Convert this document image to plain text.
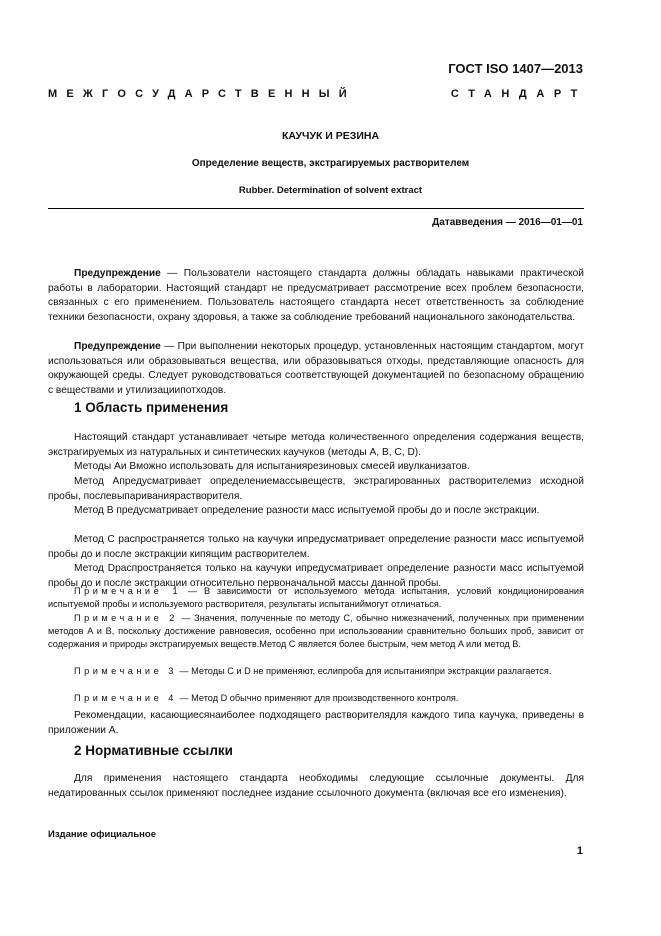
ГОСТ ISO 1407—2013
МЕЖГОСУДАРСТВЕННЫЙ	СТАНДАРТ
КАУЧУК И РЕЗИНА
Определение веществ, экстрагируемых растворителем
Rubber. Determination of solvent extract
Датавведения — 2016—01—01
Предупреждение — Пользователи настоящего стандарта должны обладать навыками практической работы в лаборатории. Настоящий стандарт не предусматривает рассмотрение всех проблем безопасности, связанных с его применением. Пользователь настоящего стандарта несет ответственность за соблюдение техники безопасности, охрану здоровья, а также за соблюдение требований национального законодательства.
Предупреждение — При выполнении некоторых процедур, установленных настоящим стандартом, могут использоваться или образовываться вещества, или образовываться отходы, представляющие опасность для окружающей среды. Следует руководствоваться соответствующей документацией по безопасному обращению с веществами и утилизациипотходов.
1 Область применения

Настоящий стандарт устанавливает четыре метода количественного определения содержания веществ, экстрагируемых из натуральных и синтетических каучуков (методы A, B, C, D).

Методы Aи Bможно использовать для испытаниярезиновых смесей ивулканизатов.

Метод Aпредусматривает определениемассывеществ, экстрагированных растворителемиз исходной пробы, послевыпариваниярастворителя.

Метод B предусматривает определение разности масс испытуемой пробы до и после экстракции.

Метод C распространяется только на каучуки ипредусматривает определение разности масс испытуемой пробы до и после экстракции кипящим растворителем.

Метод Dраспространяется только на каучуки ипредусматривает определение разности масс испытуемой пробы до и после экстракции относительно первоначальной массы данной пробы.

Примечание 1 — В зависимости от используемого метода испытания, условий кондиционирования испытуемой пробы и используемого растворителя, результаты испытаниймогут отличаться.
Примечание 2 — Значения, полученные по методу C, обычно нижезначений, полученных при применении методов A и B, поскольку достижение равновесия, особенно при использовании сравнительно больших проб, зависит от содержания и природы экстрагируемых веществ.Метод C является более быстрым, чем метод A или метод B.
Примечание 3 — Методы C и D не применяют, еслипроба для испытанияпри экстракции разлагается.
Примечание 4 — Метод D обычно применяют для производственного контроля.

Рекомендации, касающиесянаиболее подходящего растворителядля каждого типа каучука, приведены в приложении A.

2 Нормативные ссылки

Для применения настоящего стандарта необходимы следующие ссылочные документы. Для недатированных ссылок применяют последнее издание ссылочного документа (включая все его изменения).

Издание официальное
1
